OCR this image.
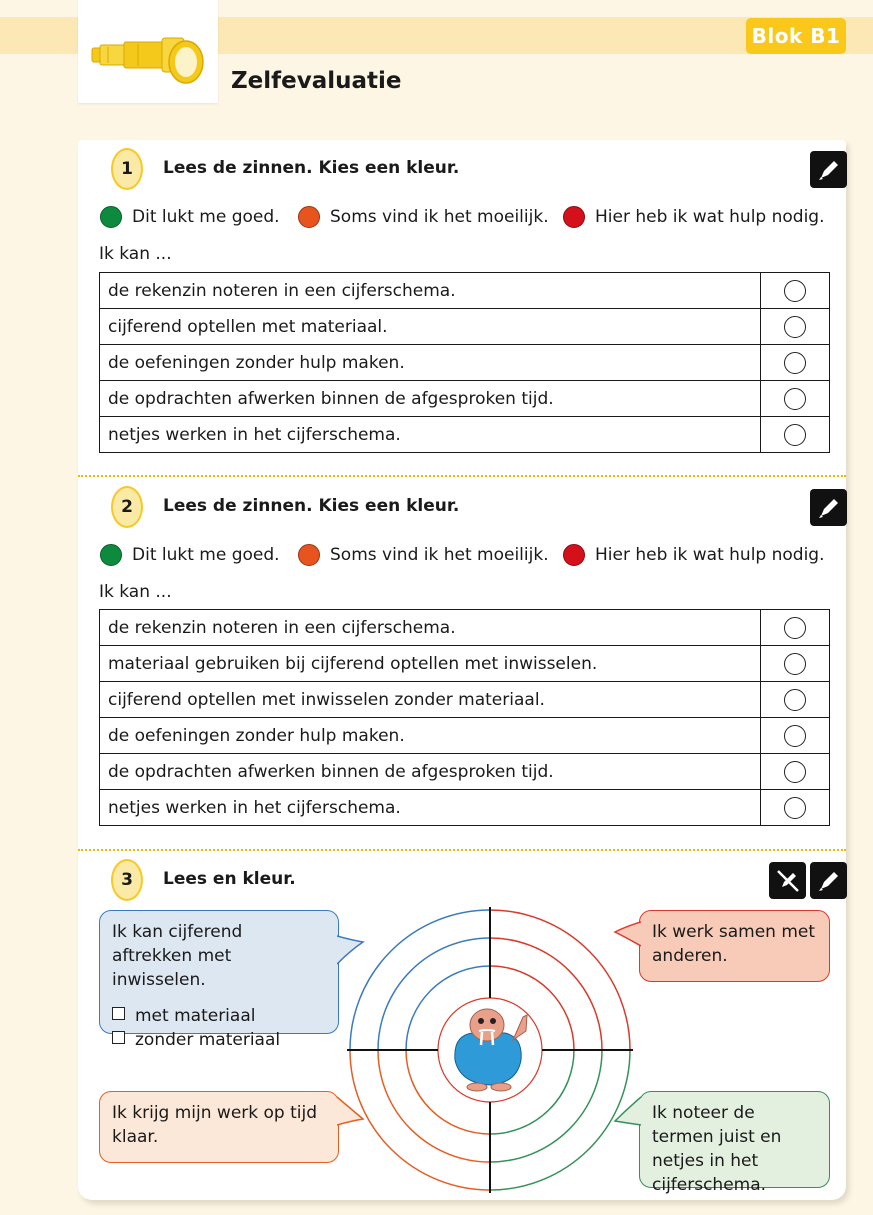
Blok B1
Zelfevaluatie
1	Lees de zinnen. Kies een kleur.
Dit lukt me goed.	Soms vind ik het moeilijk.	Hier heb ik wat hulp nodig.
Ik kan ...
de rekenzin noteren in een cijferschema.	
cijferend optellen met materiaal.	
de oefeningen zonder hulp maken.	
de opdrachten afwerken binnen de afgesproken tijd.	
netjes werken in het cijferschema.	
2	Lees de zinnen. Kies een kleur.
Dit lukt me goed.	Soms vind ik het moeilijk.	Hier heb ik wat hulp nodig.
Ik kan ...
de rekenzin noteren in een cijferschema.	
materiaal gebruiken bij cijferend optellen met inwisselen.	
cijferend optellen met inwisselen zonder materiaal.	
de oefeningen zonder hulp maken.	
de opdrachten afwerken binnen de afgesproken tijd.	
netjes werken in het cijferschema.	
3	Lees en kleur.
Ik kan cijferend aftrekken met inwisselen.
met materiaal
zonder materiaal
Ik werk samen met anderen.
Ik krijg mijn werk op tijd klaar.
Ik noteer de termen juist en netjes in het cijferschema.
